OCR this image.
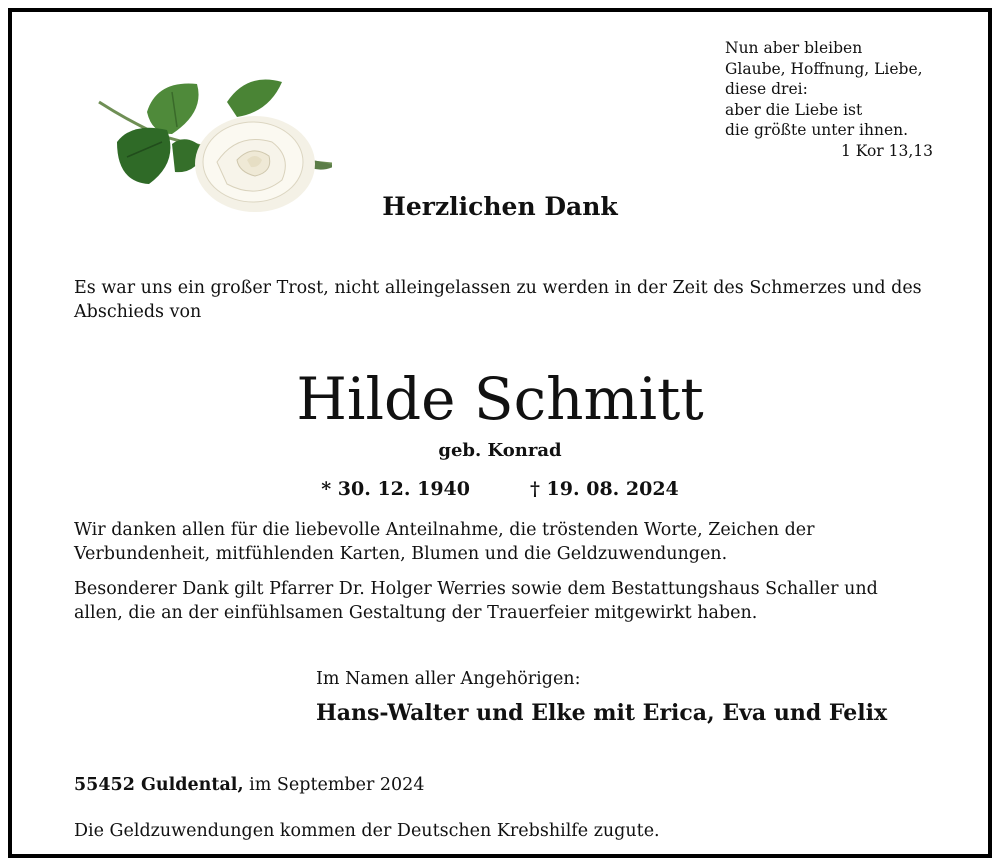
Nun aber bleiben
Glaube, Hoffnung, Liebe,
diese drei:
aber die Liebe ist
die größte unter ihnen.
1 Kor 13,13
Herzlichen Dank
Es war uns ein großer Trost, nicht alleingelassen zu werden in der Zeit des Schmerzes und des Abschieds von
Hilde Schmitt
geb. Konrad
* 30. 12. 1940	† 19. 08. 2024
Wir danken allen für die liebevolle Anteilnahme, die tröstenden Worte, Zeichen der Verbundenheit, mitfühlenden Karten, Blumen und die Geldzuwendungen.
Besonderer Dank gilt Pfarrer Dr. Holger Werries sowie dem Bestattungshaus Schaller und allen, die an der einfühlsamen Gestaltung der Trauerfeier mitgewirkt haben.
Im Namen aller Angehörigen:
Hans-Walter und Elke mit Erica, Eva und Felix
55452 Guldental, im September 2024
Die Geldzuwendungen kommen der Deutschen Krebshilfe zugute.
